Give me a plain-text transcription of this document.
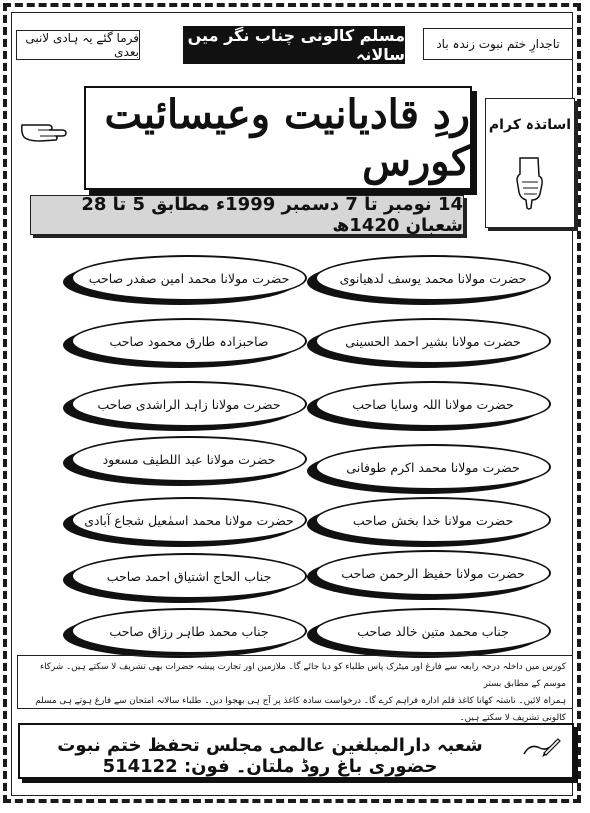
فرما گئے یہ ہادی لانبی بعدی
مسلم کالونی چناب نگر میں سالانہ
تاجدارِ ختم نبوت زندہ باد
ردِ قادیانیت وعیسائیت کورس
اساتذہ کرام
14 نومبر تا 7 دسمبر 1999ء مطابق 5 تا 28 شعبان 1420ھ
حضرت مولانا محمد یوسف لدھیانوی
حضرت مولانا بشیر احمد الحسینی
حضرت مولانا اللہ وسایا صاحب
حضرت مولانا محمد اکرم طوفانی
حضرت مولانا خدا بخش صاحب
حضرت مولانا حفیظ الرحمن صاحب
جناب محمد متین خالد صاحب
حضرت مولانا محمد امین صفدر صاحب
صاحبزادہ طارق محمود صاحب
حضرت مولانا زاہد الراشدی صاحب
حضرت مولانا عبد اللطیف مسعود
حضرت مولانا محمد اسمٰعیل شجاع آبادی
جناب الحاج اشتیاق احمد صاحب
جناب محمد طاہر رزاق صاحب
کورس میں داخلہ درجہ رابعہ سے فارغ اور میٹرک پاس طلباء کو دیا جائے گا۔ ملازمین اور تجارت پیشہ حضرات بھی تشریف لا سکتے ہیں۔ شرکاء موسم کے مطابق بستر
ہمراہ لائیں۔ ناشتہ کھانا کاغذ قلم ادارہ فراہم کرے گا۔ درخواست سادہ کاغذ پر آج ہی بھجوا دیں۔ طلباء سالانہ امتحان سے فارغ ہوتے ہی مسلم کالونی تشریف لا سکتے ہیں۔
شعبہ دارالمبلغین عالمی مجلس تحفظ ختم نبوت حضوری باغ روڈ ملتان۔ فون: 514122
